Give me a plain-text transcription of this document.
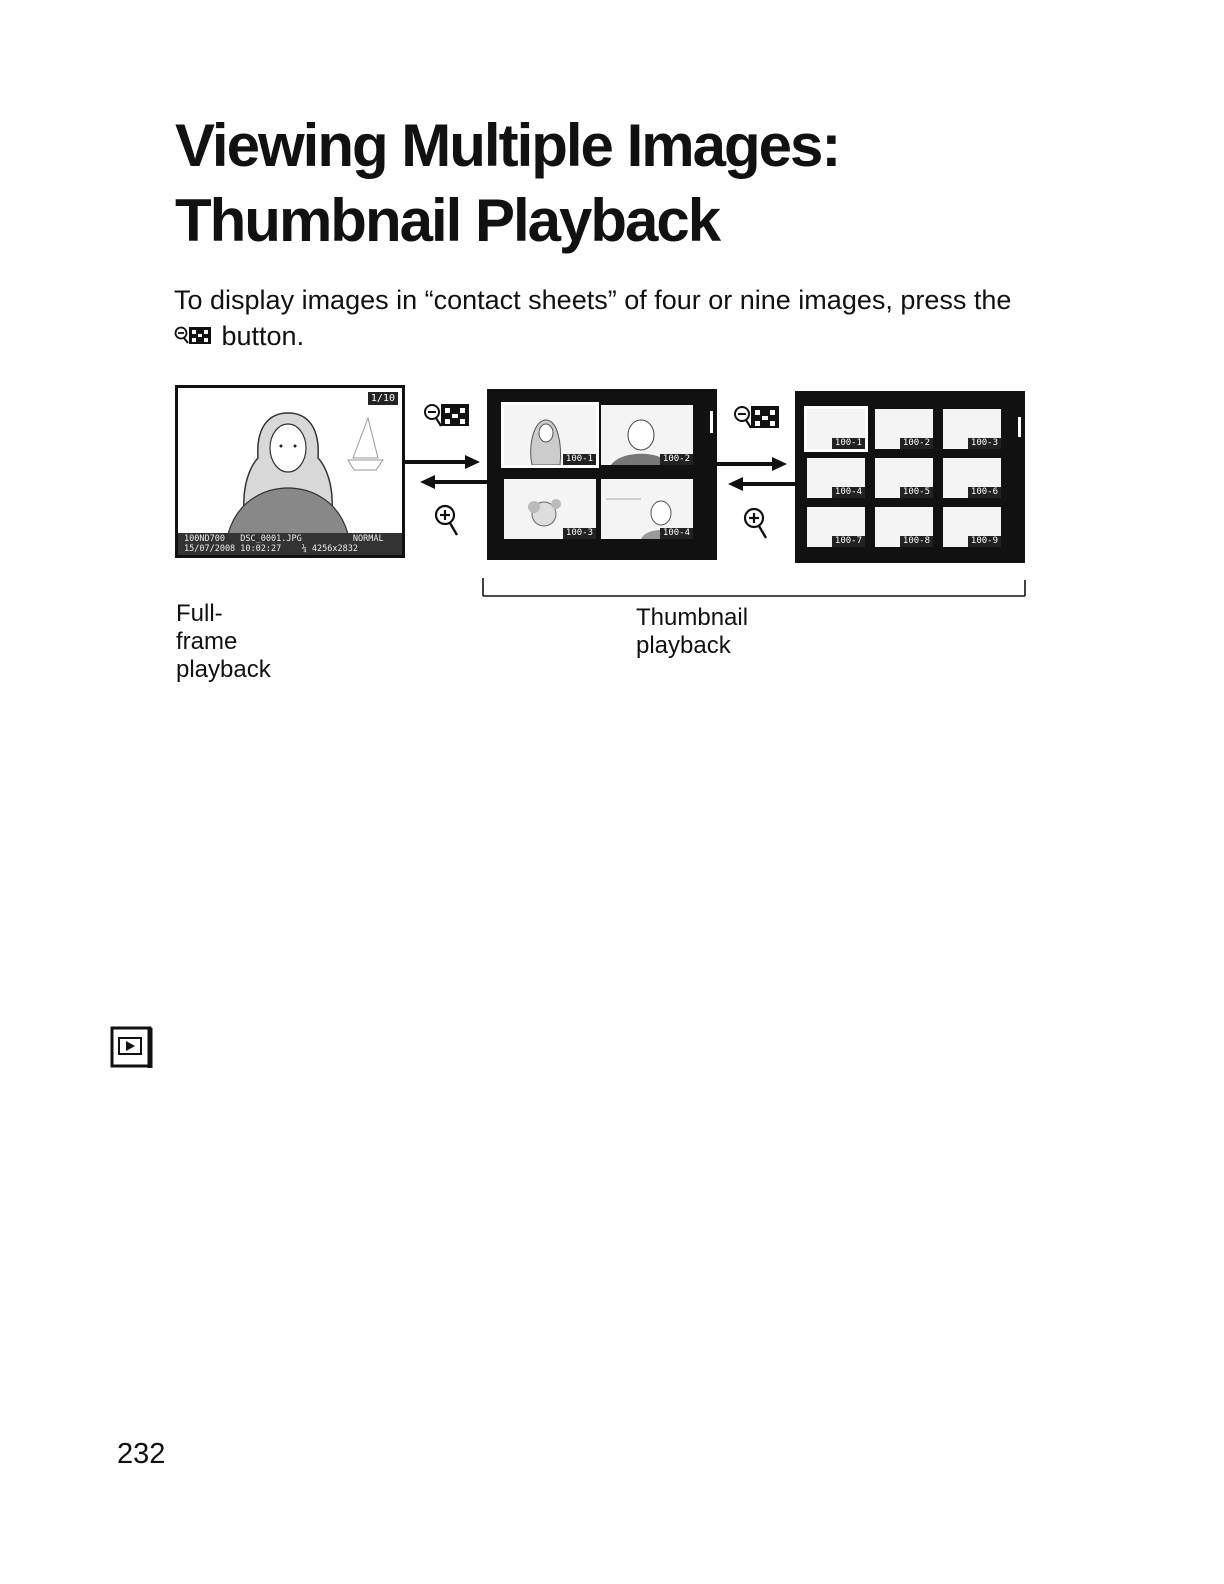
Viewing Multiple Images:
Thumbnail Playback

To display images in “contact sheets” of four or nine images, press the  button.

1/10
100ND700   DSC_0001.JPG          NORMAL
15/07/2008 10:02:27    ¼ 4256x2832
100-1	100-2
100-3	100-4
100-1	100-2	100-3
100-4	100-5	100-6
100-7	100-8	100-9

Full-frame playback

Thumbnail playback

232
